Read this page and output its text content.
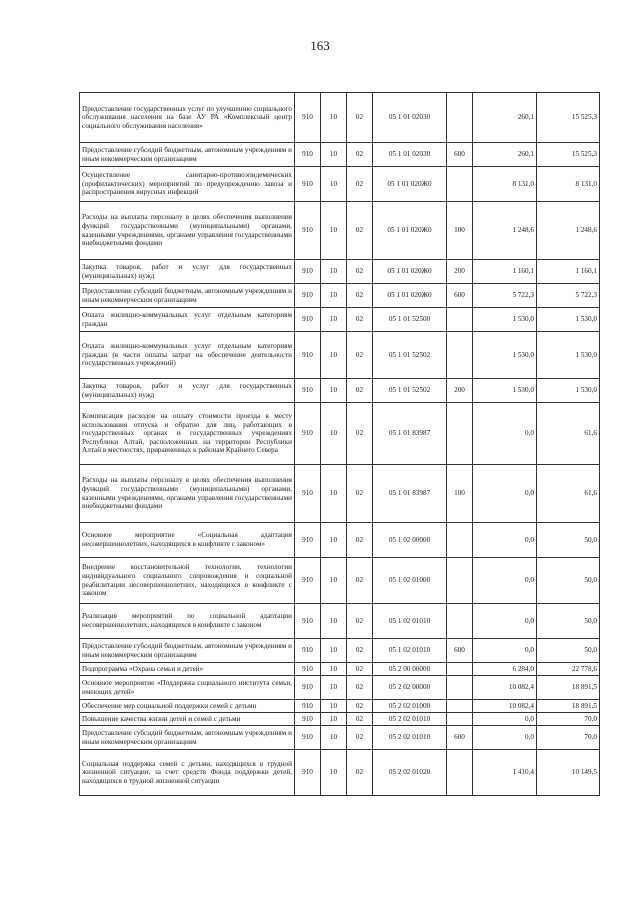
163
Предоставление государственных услуг по улучшению социального обслуживания населения на базе АУ РА «Комплексный центр социального обслуживания населения»	910	10	02	05 1 01 02030		260,1	15 525,3
Предоставление субсидий бюджетным, автономным учреждениям и иным некоммерческим организациям	910	10	02	05 1 01 02030	600	260,1	15 525,3
Осуществление санитарно-противоэпидемических (профилактических) мероприятий по предупреждению завоза и распространения вирусных инфекций	910	10	02	05 1 01 020Ж0		8 131,0	8 131,0
Расходы на выплаты персоналу в целях обеспечения выполнения функций государственными (муниципальными) органами, казенными учреждениями, органами управления государственными внебюджетными фондами	910	10	02	05 1 01 020Ж0	100	1 248,6	1 248,6
Закупка товаров, работ и услуг для государственных (муниципальных) нужд	910	10	02	05 1 01 020Ж0	200	1 160,1	1 160,1
Предоставление субсидий бюджетным, автономным учреждениям и иным некоммерческим организациям	910	10	02	05 1 01 020Ж0	600	5 722,3	5 722,3
Оплата жилищно-коммунальных услуг отдельным категориям граждан	910	10	02	05 1 01 52500		1 530,0	1 530,0
Оплата жилищно-коммунальных услуг отдельным категориям граждан (в части оплаты затрат на обеспечение деятельности государственных учреждений)	910	10	02	05 1 01 52502		1 530,0	1 530,0
Закупка товаров, работ и услуг для государственных (муниципальных) нужд	910	10	02	05 1 01 52502	200	1 530,0	1 530,0
Компенсация расходов на оплату стоимости проезда к месту использования отпуска и обратно для лиц, работающих в государственных органах и государственных учреждениях Республики Алтай, расположенных на территории Республики Алтай в местностях, приравненных к районам Крайнего Севера	910	10	02	05 1 01 83987		0,0	61,6
Расходы на выплаты персоналу в целях обеспечения выполнения функций государственными (муниципальными) органами, казенными учреждениями, органами управления государственными внебюджетными фондами	910	10	02	05 1 01 83987	100	0,0	61,6
Основное мероприятие «Социальная адаптация несовершеннолетних, находящихся в конфликте с законом»	910	10	02	05 1 02 00000		0,0	50,0
Внедрение восстановительной технологии, технологии индивидуального социального сопровождения и социальной реабилитации несовершеннолетних, находящихся в конфликте с законом	910	10	02	05 1 02 01000		0,0	50,0
Реализация мероприятий по социальной адаптации несовершеннолетних, находящихся в конфликте с законом	910	10	02	05 1 02 01010		0,0	50,0
Предоставление субсидий бюджетным, автономным учреждениям и иным некоммерческим организациям	910	10	02	05 1 02 01010	600	0,0	50,0
Подпрограмма «Охрана семьи и детей»	910	10	02	05 2 00 00000		6 284,0	22 778,6
Основное мероприятие «Поддержка социального института семьи, имеющих детей»	910	10	02	05 2 02 00000		10 082,4	18 891,5
Обеспечение мер социальной поддержки семей с детьми	910	10	02	05 2 02 01000		10 082,4	18 891,5
Повышение качества жизни детей и семей с детьми	910	10	02	05 2 02 01010		0,0	70,0
Предоставление субсидий бюджетным, автономным учреждениям и иным некоммерческим организациям	910	10	02	05 2 02 01010	600	0,0	70,0
Социальная поддержка семей с детьми, находящихся в трудной жизненной ситуации, за счет средств Фонда поддержки детей, находящихся в трудной жизненной ситуации	910	10	02	05 2 02 01020		1 410,4	10 149,5
